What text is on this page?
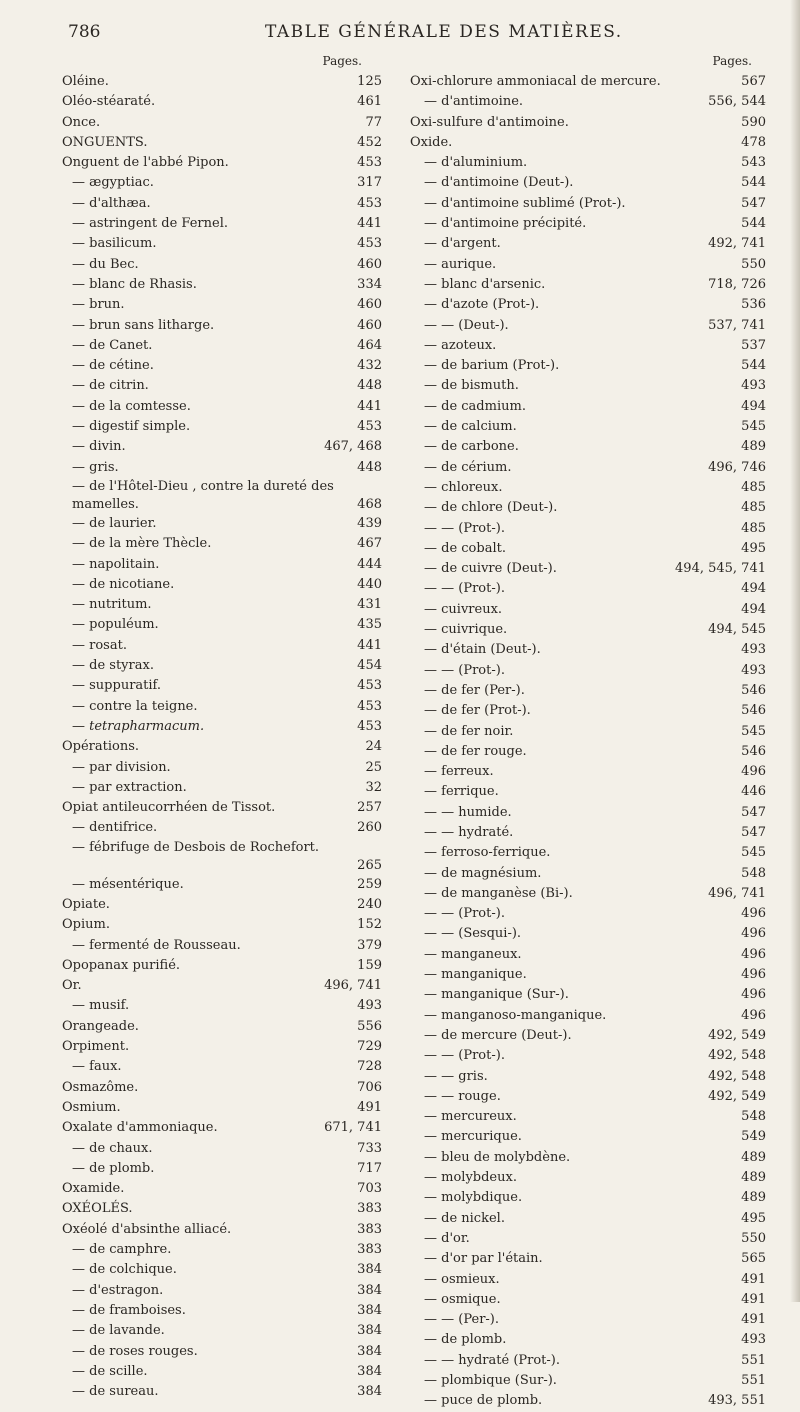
786	TABLE GÉNÉRALE DES MATIÈRES.
Pages.
Oléine.	125
Oléo-stéaraté.	461
Once.	77
ONGUENTS.	452
Onguent de l'abbé Pipon.	453
— ægyptiac.	317
— d'althæa.	453
— astringent de Fernel.	441
— basilicum.	453
— du Bec.	460
— blanc de Rhasis.	334
— brun.	460
— brun sans litharge.	460
— de Canet.	464
— de cétine.	432
— de citrin.	448
— de la comtesse.	441
— digestif simple.	453
— divin.	467, 468
— gris.	448
— de l'Hôtel-Dieu , contre la dureté des mamelles.	468
— de laurier.	439
— de la mère Thècle.	467
— napolitain.	444
— de nicotiane.	440
— nutritum.	431
— populéum.	435
— rosat.	441
— de styrax.	454
— suppuratif.	453
— contre la teigne.	453
— tetrapharmacum.	453
Opérations.	24
— par division.	25
— par extraction.	32
Opiat antileucorrhéen de Tissot.	257
— dentifrice.	260
— fébrifuge de Desbois de Rochefort.
265
— mésentérique.	259
Opiate.	240
Opium.	152
— fermenté de Rousseau.	379
Opopanax purifié.	159
Or.	496, 741
— musif.	493
Orangeade.	556
Orpiment.	729
— faux.	728
Osmazôme.	706
Osmium.	491
Oxalate d'ammoniaque.	671, 741
— de chaux.	733
— de plomb.	717
Oxamide.	703
OXÉOLÉS.	383
Oxéolé d'absinthe alliacé.	383
— de camphre.	383
— de colchique.	384
— d'estragon.	384
— de framboises.	384
— de lavande.	384
— de roses rouges.	384
— de scille.	384
— de sureau.	384
Pages.
Oxi-chlorure ammoniacal de mercure.	567
— d'antimoine.	556, 544
Oxi-sulfure d'antimoine.	590
Oxide.	478
— d'aluminium.	543
— d'antimoine (Deut-).	544
— d'antimoine sublimé (Prot-).	547
— d'antimoine précipité.	544
— d'argent.	492, 741
— aurique.	550
— blanc d'arsenic.	718, 726
— d'azote (Prot-).	536
— — (Deut-).	537, 741
— azoteux.	537
— de barium (Prot-).	544
— de bismuth.	493
— de cadmium.	494
— de calcium.	545
— de carbone.	489
— de cérium.	496, 746
— chloreux.	485
— de chlore (Deut-).	485
— — (Prot-).	485
— de cobalt.	495
— de cuivre (Deut-).	494, 545, 741
— — (Prot-).	494
— cuivreux.	494
— cuivrique.	494, 545
— d'étain (Deut-).	493
— — (Prot-).	493
— de fer (Per-).	546
— de fer (Prot-).	546
— de fer noir.	545
— de fer rouge.	546
— ferreux.	496
— ferrique.	446
— — humide.	547
— — hydraté.	547
— ferroso-ferrique.	545
— de magnésium.	548
— de manganèse (Bi-).	496, 741
— — (Prot-).	496
— — (Sesqui-).	496
— manganeux.	496
— manganique.	496
— manganique (Sur-).	496
— manganoso-manganique.	496
— de mercure (Deut-).	492, 549
— — (Prot-).	492, 548
— — gris.	492, 548
— — rouge.	492, 549
— mercureux.	548
— mercurique.	549
— bleu de molybdène.	489
— molybdeux.	489
— molybdique.	489
— de nickel.	495
— d'or.	550
— d'or par l'étain.	565
— osmieux.	491
— osmique.	491
— — (Per-).	491
— de plomb.	493
— — hydraté (Prot-).	551
— plombique (Sur-).	551
— puce de plomb.	493, 551
